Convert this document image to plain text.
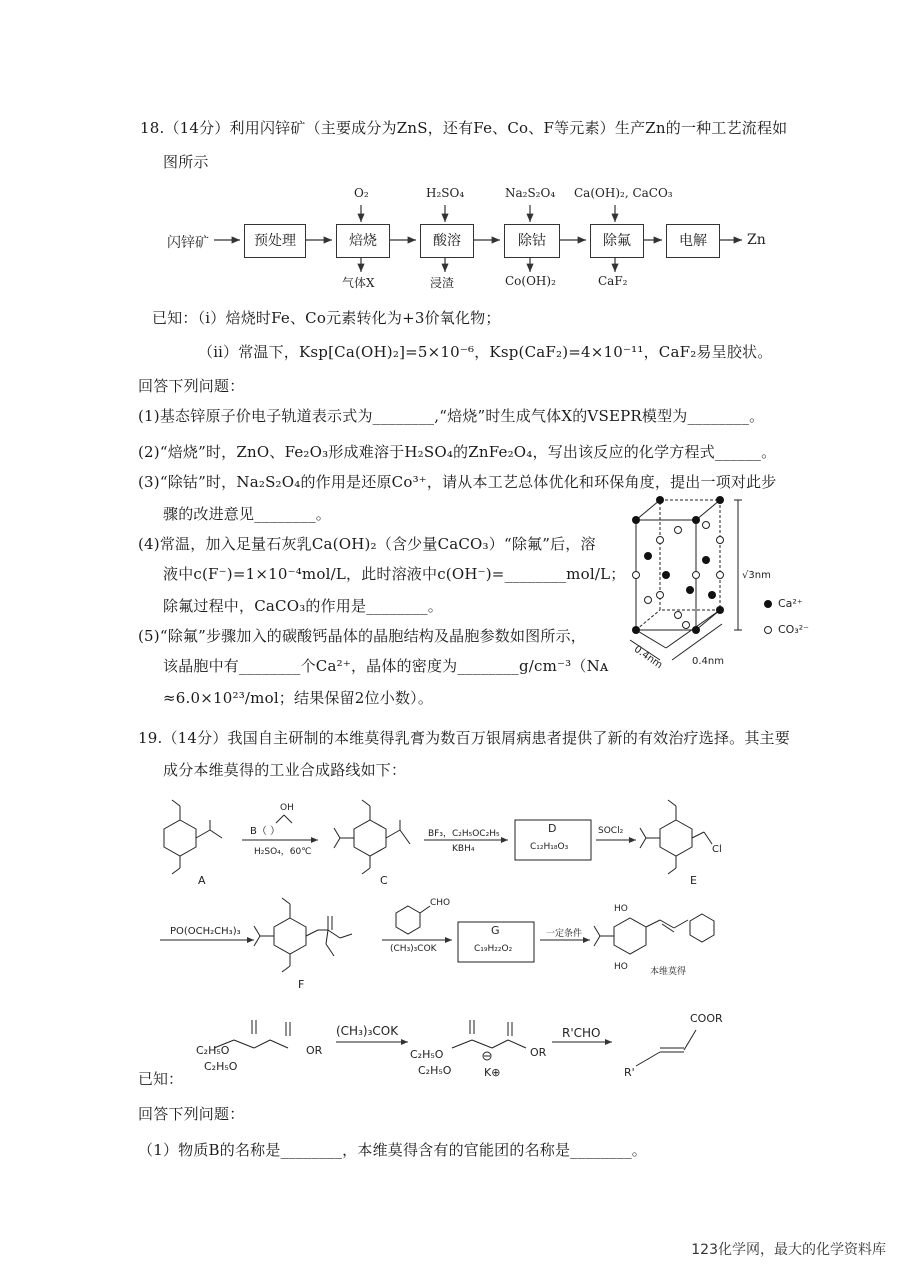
18.（14分）利用闪锌矿（主要成分为ZnS，还有Fe、Co、F等元素）生产Zn的一种工艺流程如
图所示
闪锌矿	预处理	焙烧	酸溶	除钴	除氟	电解	Zn
O₂	H₂SO₄	Na₂S₂O₄ Ca(OH)₂, CaCO₃
气体X	浸渣	Co(OH)₂	CaF₂
已知：（ⅰ）焙烧时Fe、Co元素转化为+3价氧化物；
（ⅱ）常温下，Ksp[Ca(OH)₂]=5×10⁻⁶，Ksp(CaF₂)=4×10⁻¹¹，CaF₂易呈胶状。
回答下列问题：
(1)基态锌原子价电子轨道表示式为________,“焙烧”时生成气体X的VSEPR模型为________。
(2)“焙烧”时，ZnO、Fe₂O₃形成难溶于H₂SO₄的ZnFe₂O₄，写出该反应的化学方程式______。
(3)“除钴”时，Na₂S₂O₄的作用是还原Co³⁺，请从本工艺总体优化和环保角度，提出一项对此步
骤的改进意见________。
(4)常温，加入足量石灰乳Ca(OH)₂（含少量CaCO₃）“除氟”后，溶
液中c(F⁻)=1×10⁻⁴mol/L，此时溶液中c(OH⁻)=________mol/L；
除氟过程中，CaCO₃的作用是________。
(5)“除氟”步骤加入的碳酸钙晶体的晶胞结构及晶胞参数如图所示，
该晶胞中有________个Ca²⁺，晶体的密度为________g/cm⁻³（Nᴀ
≈6.0×10²³/mol；结果保留2位小数）。
√3nm
0.4nm	0.4nm
Ca²⁺
CO₃²⁻
19.（14分）我国自主研制的本维莫得乳膏为数百万银屑病患者提供了新的有效治疗选择。其主要
成分本维莫得的工业合成路线如下：
A	C	E
F
B（ ）
OH
H₂SO₄，60℃
BF₃，C₂H₅OC₂H₅
KBH₄
D
C₁₂H₁₈O₃
SOCl₂
Cl
PO(OCH₂CH₃)₃
CHO
(CH₃)₃COK
G
C₁₉H₂₂O₂
一定条件
HO
HO 本维莫得
已知：
C₂H₅O
C₂H₅O
OR
(CH₃)₃COK
C₂H₅O
C₂H₅O
OR
K⊕
R'CHO
COOR
R'
回答下列问题：
（1）物质B的名称是________，本维莫得含有的官能团的名称是________。
123化学网，最大的化学资料库
